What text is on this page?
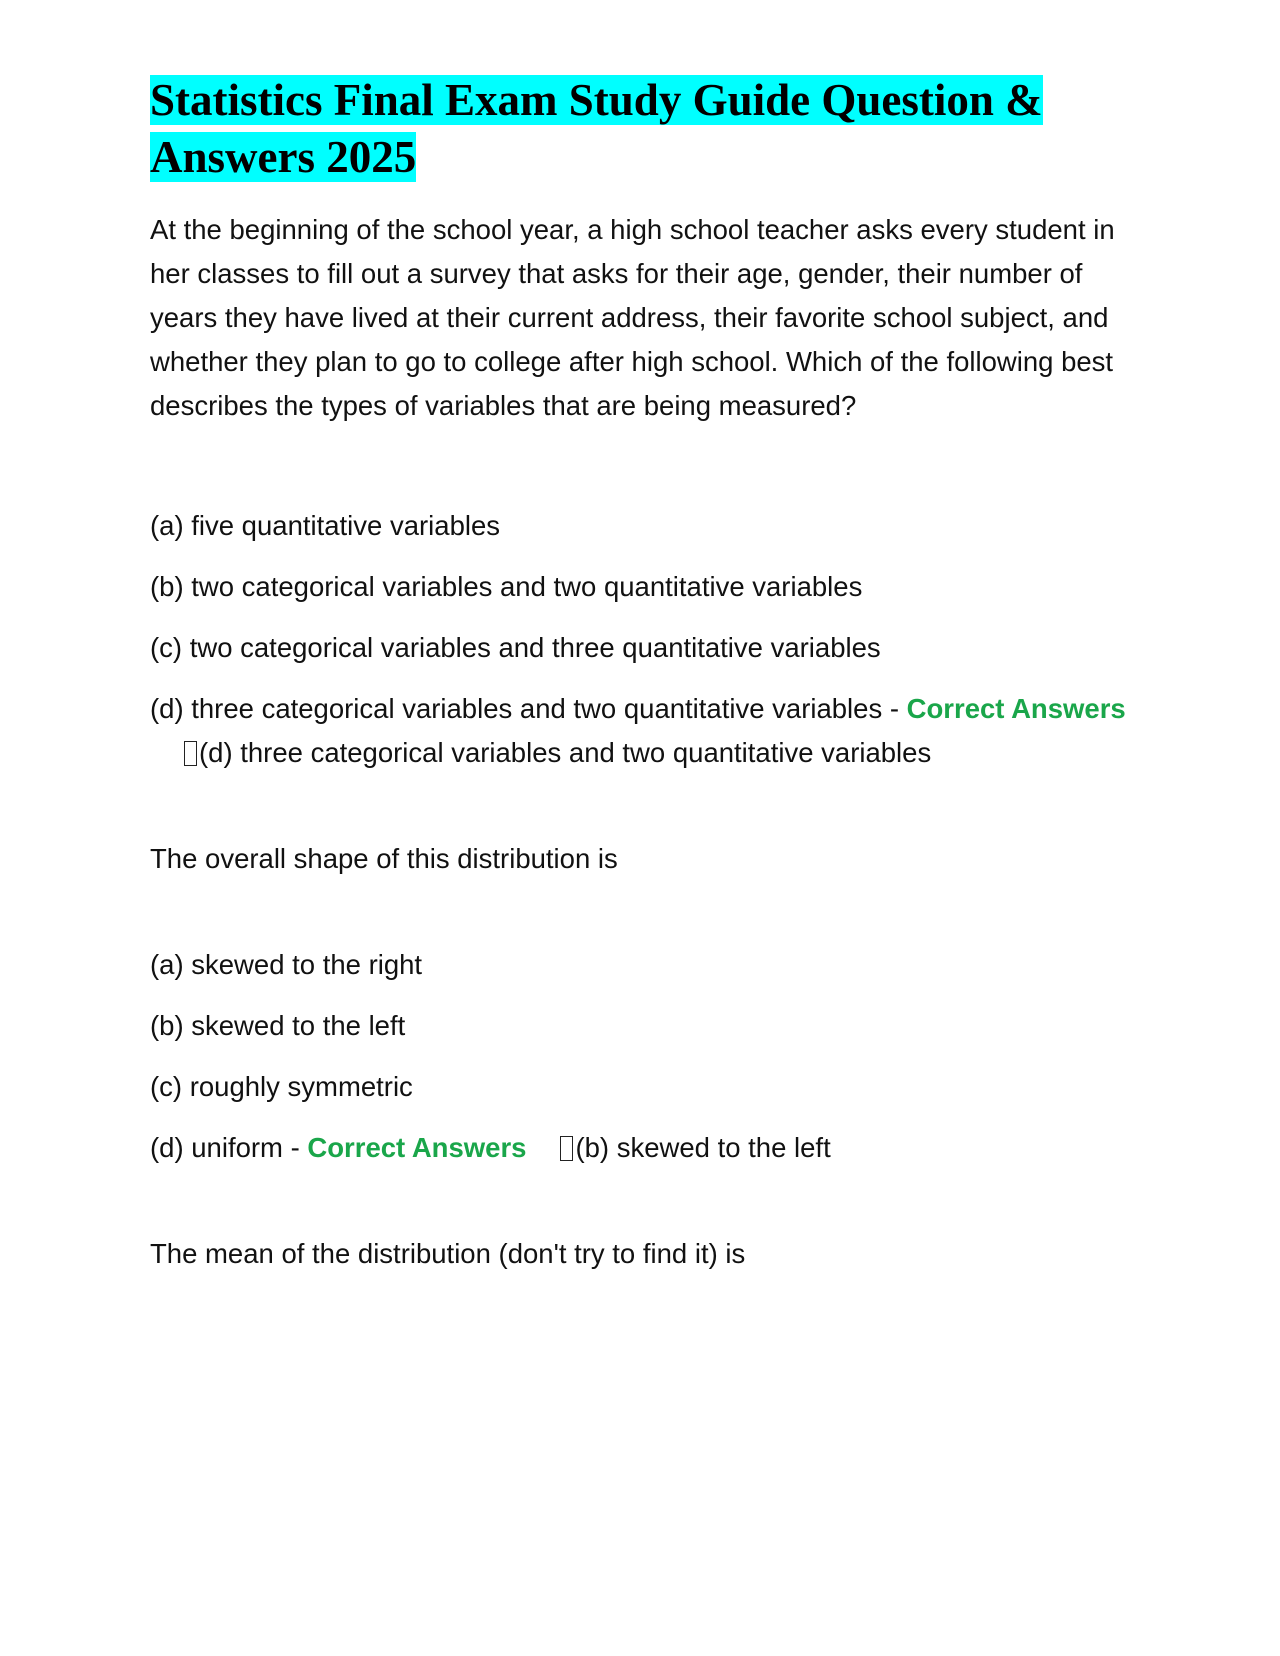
Statistics Final Exam Study Guide Question & Answers 2025

At the beginning of the school year, a high school teacher asks every student in her classes to fill out a survey that asks for their age, gender, their number of years they have lived at their current address, their favorite school subject, and whether they plan to go to college after high school. Which of the following best describes the types of variables that are being measured?

(a) five quantitative variables

(b) two categorical variables and two quantitative variables

(c) two categorical variables and three quantitative variables

(d) three categorical variables and two quantitative variables - Correct Answers(d) three categorical variables and two quantitative variables

The overall shape of this distribution is

(a) skewed to the right

(b) skewed to the left

(c) roughly symmetric

(d) uniform - Correct Answers (b) skewed to the left

The mean of the distribution (don't try to find it) is
